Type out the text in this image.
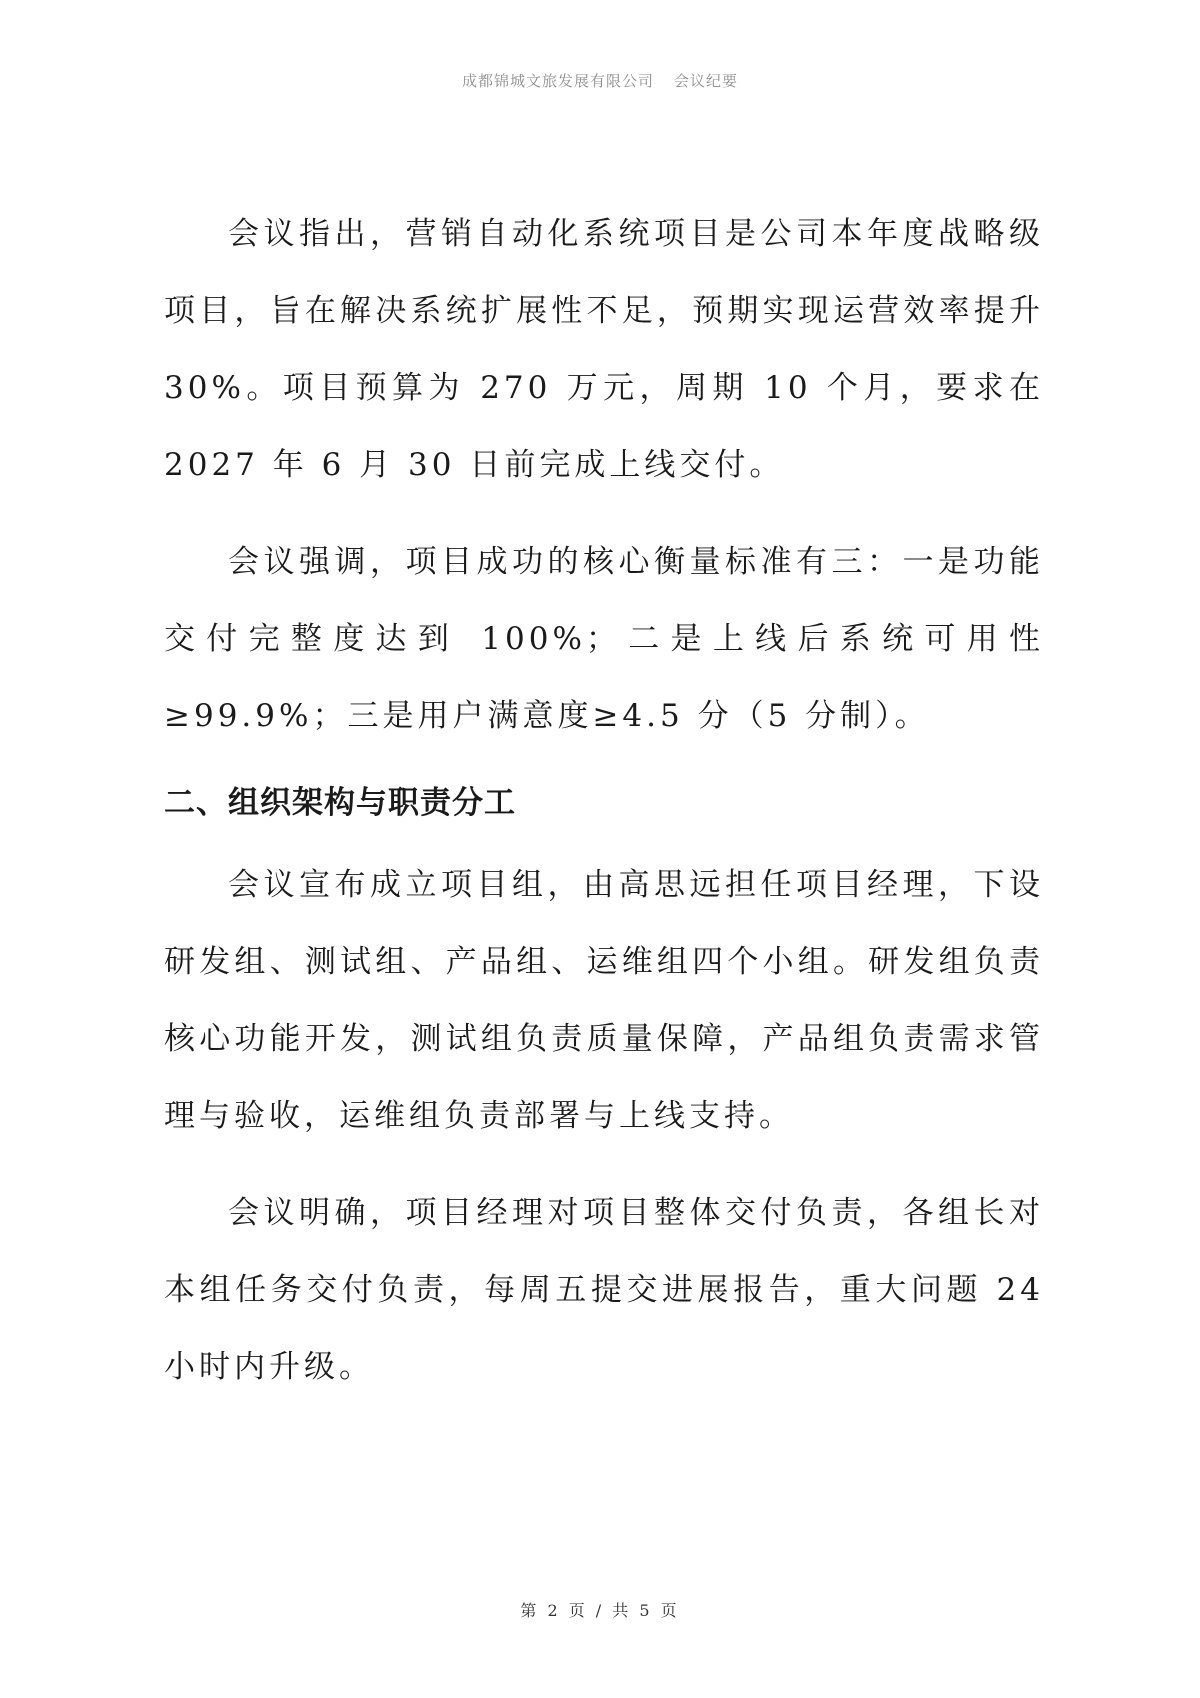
成都锦城文旅发展有限公司 会议纪要

会议指出，营销自动化系统项目是公司本年度战略级项目，旨在解决系统扩展性不足，预期实现运营效率提升 30%。项目预算为 270 万元，周期 10 个月，要求在 2027 年 6 月 30 日前完成上线交付。

会议强调，项目成功的核心衡量标准有三：一是功能交付完整度达到 100%；二是上线后系统可用性≥99.9%；三是用户满意度≥4.5 分（5 分制）。

二、组织架构与职责分工

会议宣布成立项目组，由高思远担任项目经理，下设研发组、测试组、产品组、运维组四个小组。研发组负责核心功能开发，测试组负责质量保障，产品组负责需求管理与验收，运维组负责部署与上线支持。

会议明确，项目经理对项目整体交付负责，各组长对本组任务交付负责，每周五提交进展报告，重大问题 24 小时内升级。

第 2 页 / 共 5 页
